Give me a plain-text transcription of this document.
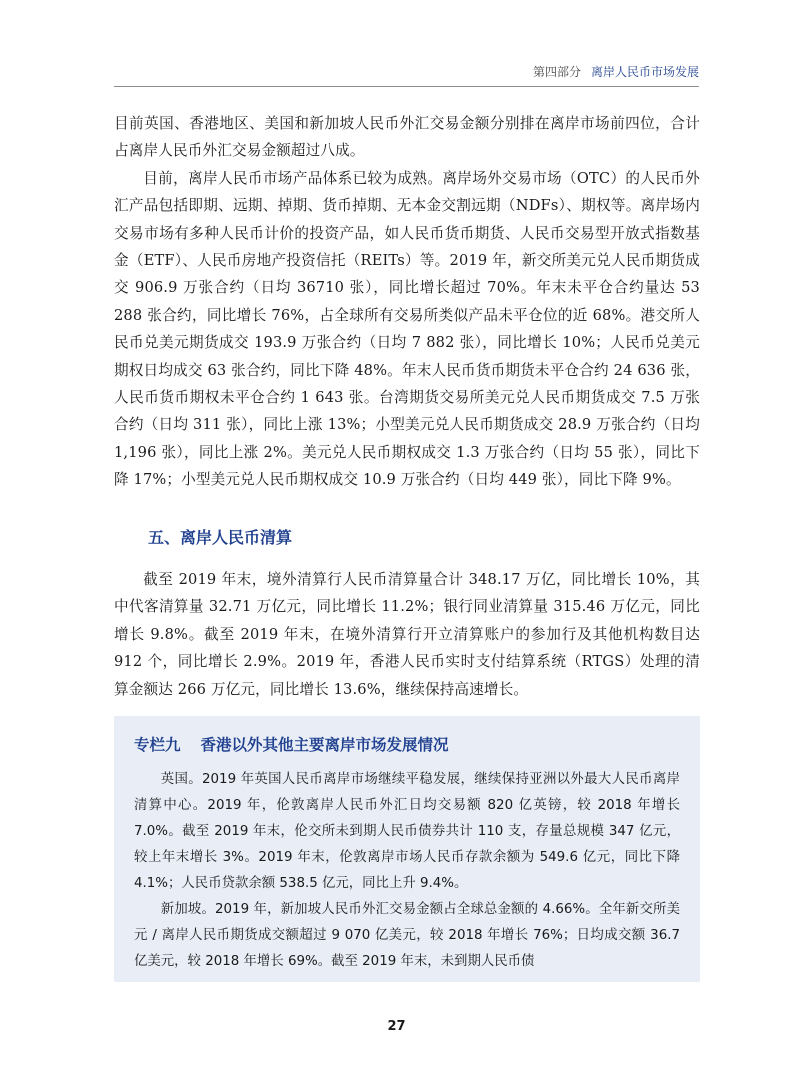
第四部分 离岸人民币市场发展

目前英国、香港地区、美国和新加坡人民币外汇交易金额分别排在离岸市场前四位，合计占离岸人民币外汇交易金额超过八成。

目前，离岸人民币市场产品体系已较为成熟。离岸场外交易市场（OTC）的人民币外汇产品包括即期、远期、掉期、货币掉期、无本金交割远期（NDFs）、期权等。离岸场内交易市场有多种人民币计价的投资产品，如人民币货币期货、人民币交易型开放式指数基金（ETF）、人民币房地产投资信托（REITs）等。2019 年，新交所美元兑人民币期货成交 906.9 万张合约（日均 36710 张），同比增长超过 70%。年末未平仓合约量达 53 288 张合约，同比增长 76%，占全球所有交易所类似产品未平仓位的近 68%。港交所人民币兑美元期货成交 193.9 万张合约（日均 7 882 张），同比增长 10%；人民币兑美元期权日均成交 63 张合约，同比下降 48%。年末人民币货币期货未平仓合约 24 636 张，人民币货币期权未平仓合约 1 643 张。台湾期货交易所美元兑人民币期货成交 7.5 万张合约（日均 311 张），同比上涨 13%；小型美元兑人民币期货成交 28.9 万张合约（日均 1,196 张），同比上涨 2%。美元兑人民币期权成交 1.3 万张合约（日均 55 张），同比下降 17%；小型美元兑人民币期权成交 10.9 万张合约（日均 449 张），同比下降 9%。

五、离岸人民币清算

截至 2019 年末，境外清算行人民币清算量合计 348.17 万亿，同比增长 10%，其中代客清算量 32.71 万亿元，同比增长 11.2%；银行同业清算量 315.46 万亿元，同比增长 9.8%。截至 2019 年末，在境外清算行开立清算账户的参加行及其他机构数目达 912 个，同比增长 2.9%。2019 年，香港人民币实时支付结算系统（RTGS）处理的清算金额达 266 万亿元，同比增长 13.6%，继续保持高速增长。

专栏九 香港以外其他主要离岸市场发展情况

英国。2019 年英国人民币离岸市场继续平稳发展，继续保持亚洲以外最大人民币离岸清算中心。2019 年，伦敦离岸人民币外汇日均交易额 820 亿英镑，较 2018 年增长 7.0%。截至 2019 年末，伦交所未到期人民币债券共计 110 支，存量总规模 347 亿元，较上年末增长 3%。2019 年末，伦敦离岸市场人民币存款余额为 549.6 亿元，同比下降 4.1%；人民币贷款余额 538.5 亿元，同比上升 9.4%。

新加坡。2019 年，新加坡人民币外汇交易金额占全球总金额的 4.66%。全年新交所美元 / 离岸人民币期货成交额超过 9 070 亿美元，较 2018 年增长 76%；日均成交额 36.7 亿美元，较 2018 年增长 69%。截至 2019 年末，未到期人民币债

27
